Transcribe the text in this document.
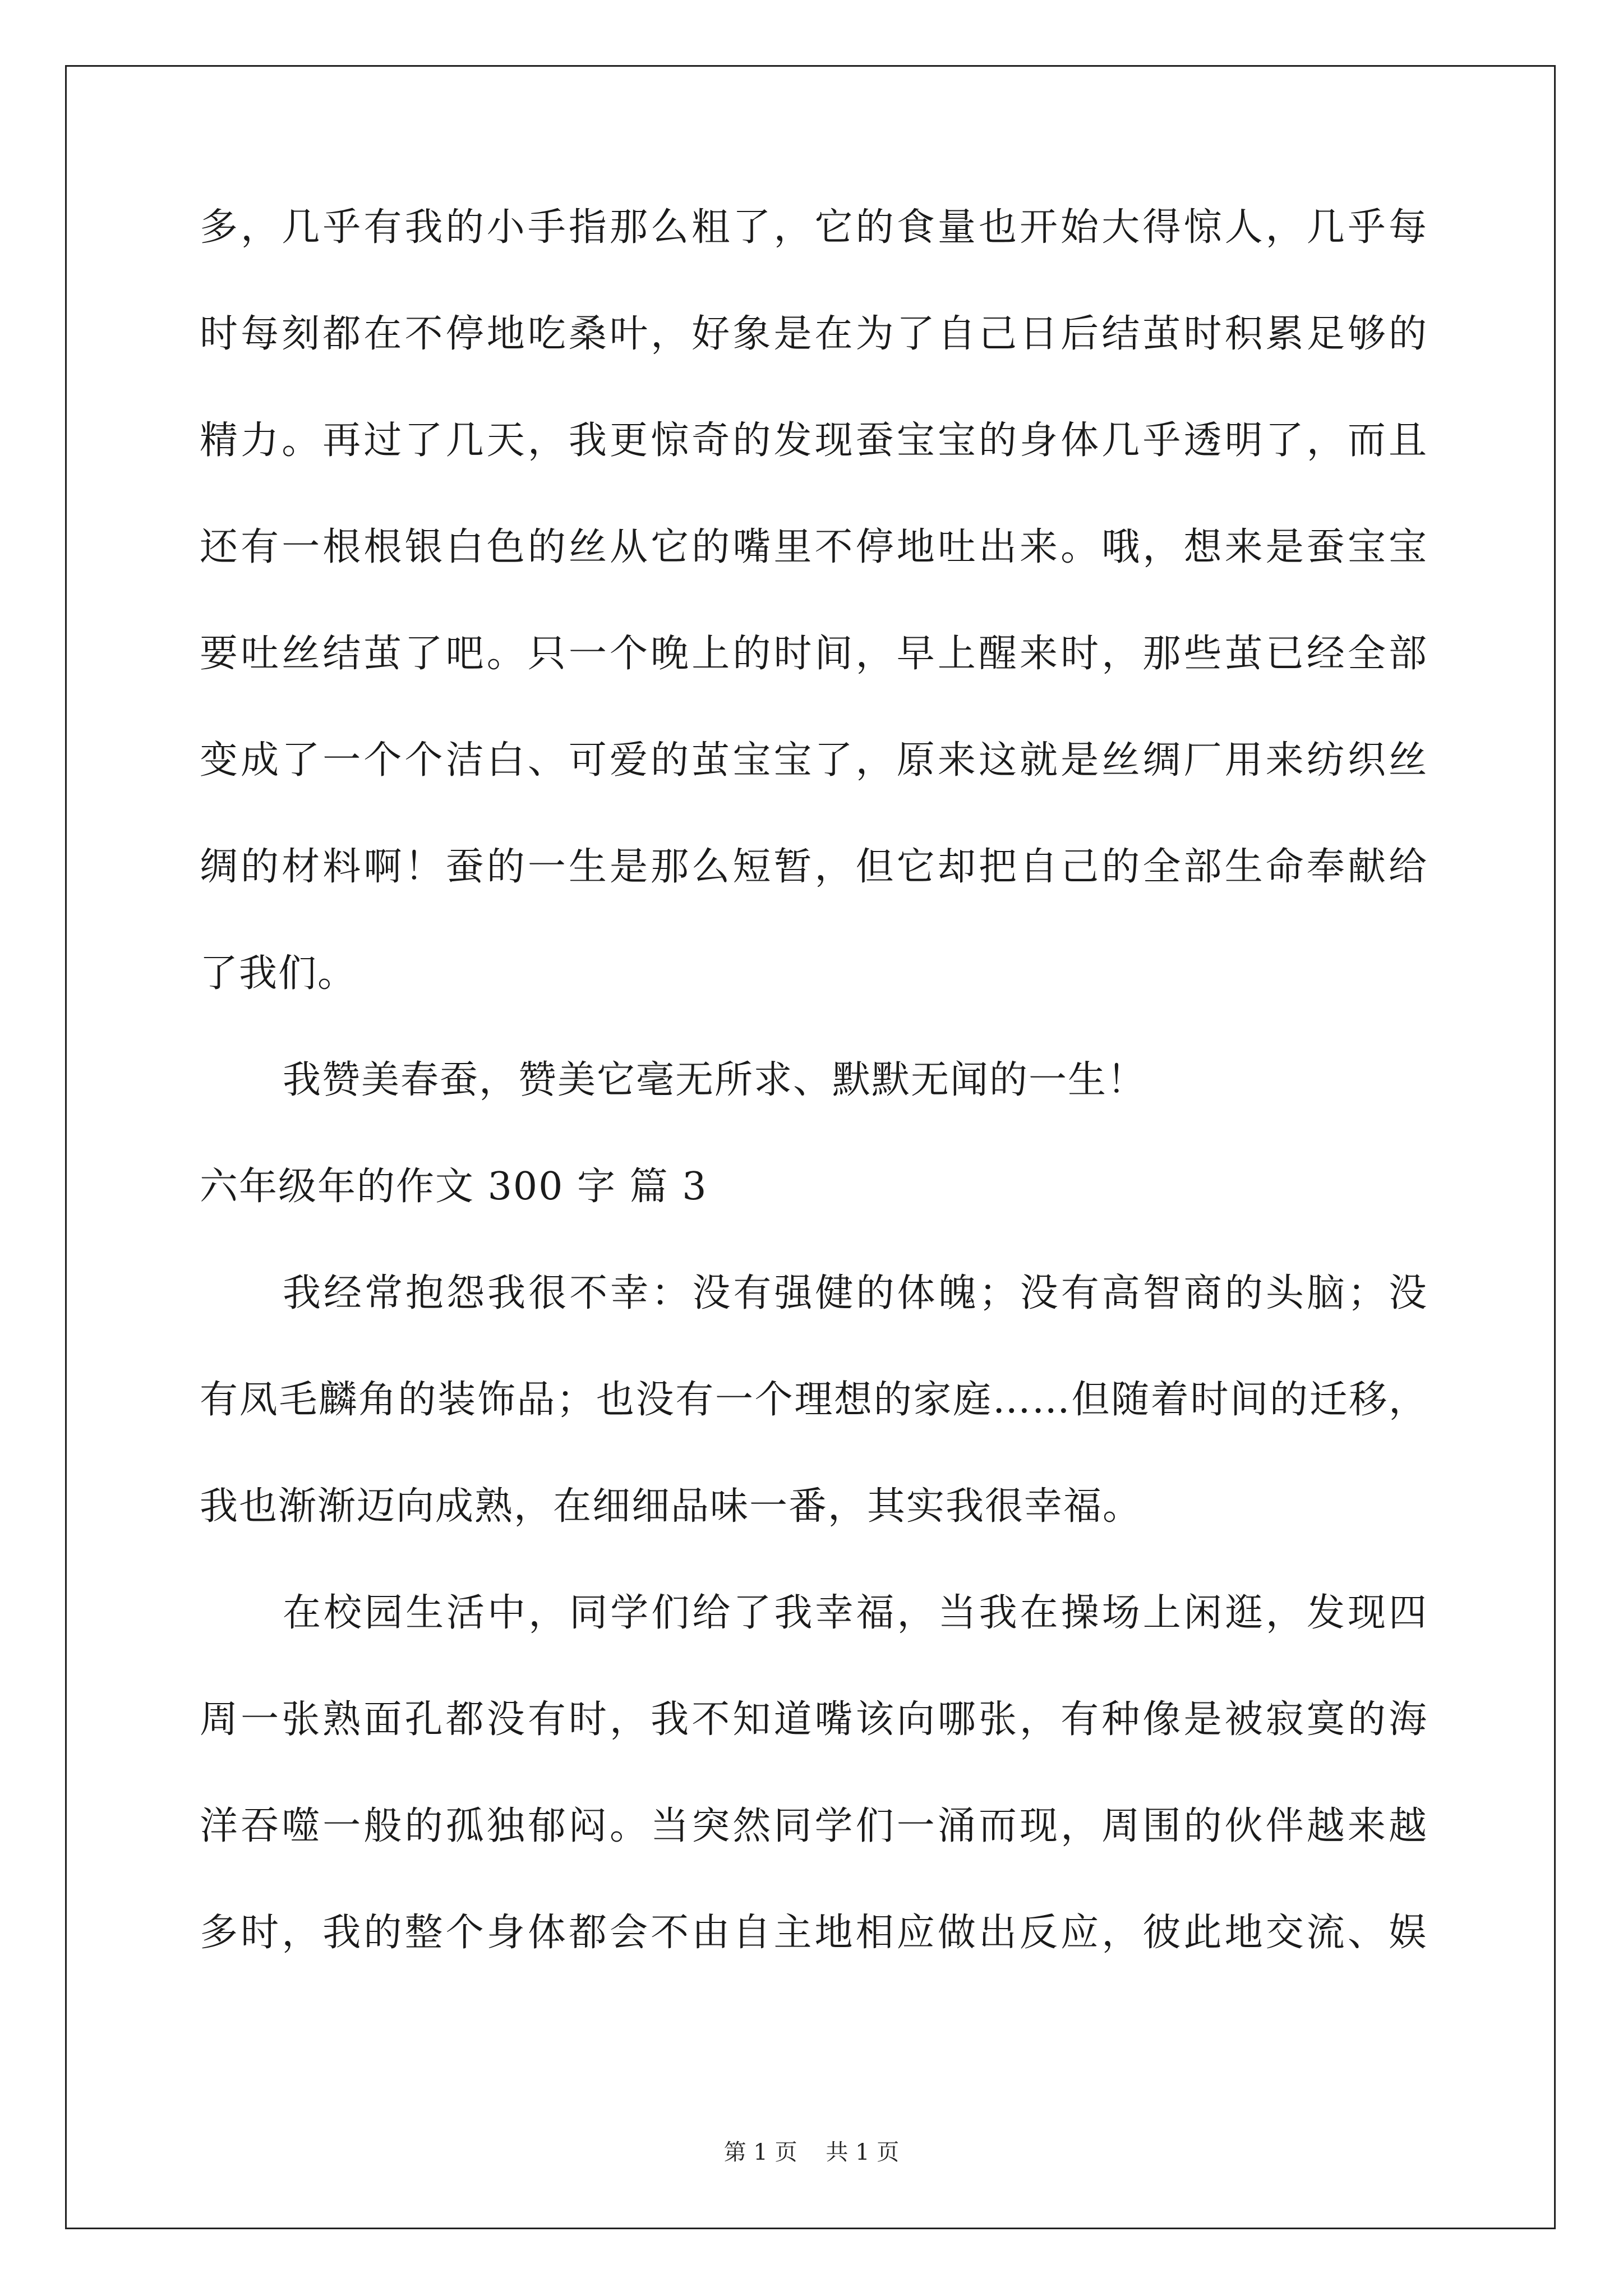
多，几乎有我的小手指那么粗了，它的食量也开始大得惊人，几乎每
时每刻都在不停地吃桑叶，好象是在为了自己日后结茧时积累足够的
精力。再过了几天，我更惊奇的发现蚕宝宝的身体几乎透明了，而且
还有一根根银白色的丝从它的嘴里不停地吐出来。哦，想来是蚕宝宝
要吐丝结茧了吧。只一个晚上的时间，早上醒来时，那些茧已经全部
变成了一个个洁白、可爱的茧宝宝了，原来这就是丝绸厂用来纺织丝
绸的材料啊！蚕的一生是那么短暂，但它却把自己的全部生命奉献给
了我们。
我赞美春蚕，赞美它毫无所求、默默无闻的一生！
六年级年的作文 300 字 篇 3
我经常抱怨我很不幸：没有强健的体魄；没有高智商的头脑；没
有凤毛麟角的装饰品；也没有一个理想的家庭……但随着时间的迁移，
我也渐渐迈向成熟，在细细品味一番，其实我很幸福。
在校园生活中，同学们给了我幸福，当我在操场上闲逛，发现四
周一张熟面孔都没有时，我不知道嘴该向哪张，有种像是被寂寞的海
洋吞噬一般的孤独郁闷。当突然同学们一涌而现，周围的伙伴越来越
多时，我的整个身体都会不由自主地相应做出反应，彼此地交流、娱
第 1 页    共 1 页
